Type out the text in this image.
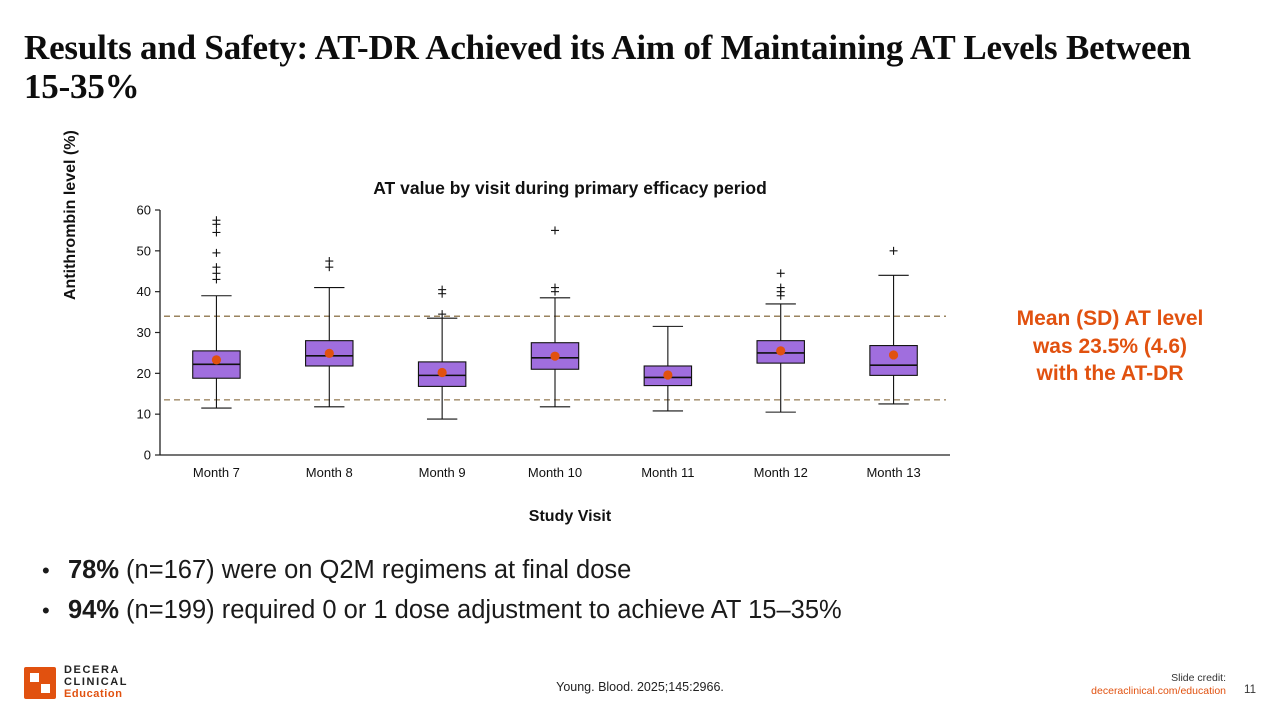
Results and Safety: AT-DR Achieved its Aim of Maintaining AT Levels Between 15-35%
AT value by visit during primary efficacy period
Antithrombin level (%)
Study Visit
0
10
20
30
40
50
60
Month 7	Month 8	Month 9	Month 10	Month 11	Month 12	Month 13
Mean (SD) AT level
was 23.5% (4.6)
with the AT-DR
• 78% (n=167) were on Q2M regimens at final dose
• 94% (n=199) required 0 or 1 dose adjustment to achieve AT 15–35%
DECERA
CLINICAL
Education	Young. Blood. 2025;145:2966.
Slide credit:
deceraclinical.com/education 11
